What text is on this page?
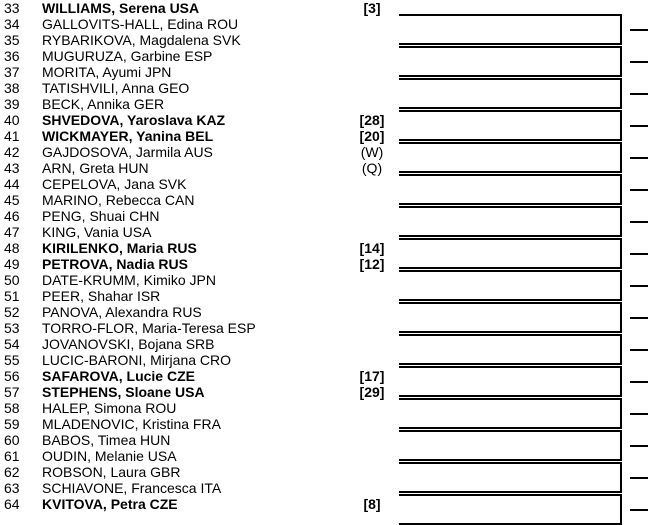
33	WILLIAMS, Serena USA	[3]
34	GALLOVITS-HALL, Edina ROU
35	RYBARIKOVA, Magdalena SVK
36	MUGURUZA, Garbine ESP
37	MORITA, Ayumi JPN
38	TATISHVILI, Anna GEO
39	BECK, Annika GER
40	SHVEDOVA, Yaroslava KAZ	[28]
41	WICKMAYER, Yanina BEL	[20]
42	GAJDOSOVA, Jarmila AUS	(W)
43	ARN, Greta HUN	(Q)
44	CEPELOVA, Jana SVK
45	MARINO, Rebecca CAN
46	PENG, Shuai CHN
47	KING, Vania USA
48	KIRILENKO, Maria RUS	[14]
49	PETROVA, Nadia RUS	[12]
50	DATE-KRUMM, Kimiko JPN
51	PEER, Shahar ISR
52	PANOVA, Alexandra RUS
53	TORRO-FLOR, Maria-Teresa ESP
54	JOVANOVSKI, Bojana SRB
55	LUCIC-BARONI, Mirjana CRO
56	SAFAROVA, Lucie CZE	[17]
57	STEPHENS, Sloane USA	[29]
58	HALEP, Simona ROU
59	MLADENOVIC, Kristina FRA
60	BABOS, Timea HUN
61	OUDIN, Melanie USA
62	ROBSON, Laura GBR
63	SCHIAVONE, Francesca ITA
64	KVITOVA, Petra CZE	[8]
